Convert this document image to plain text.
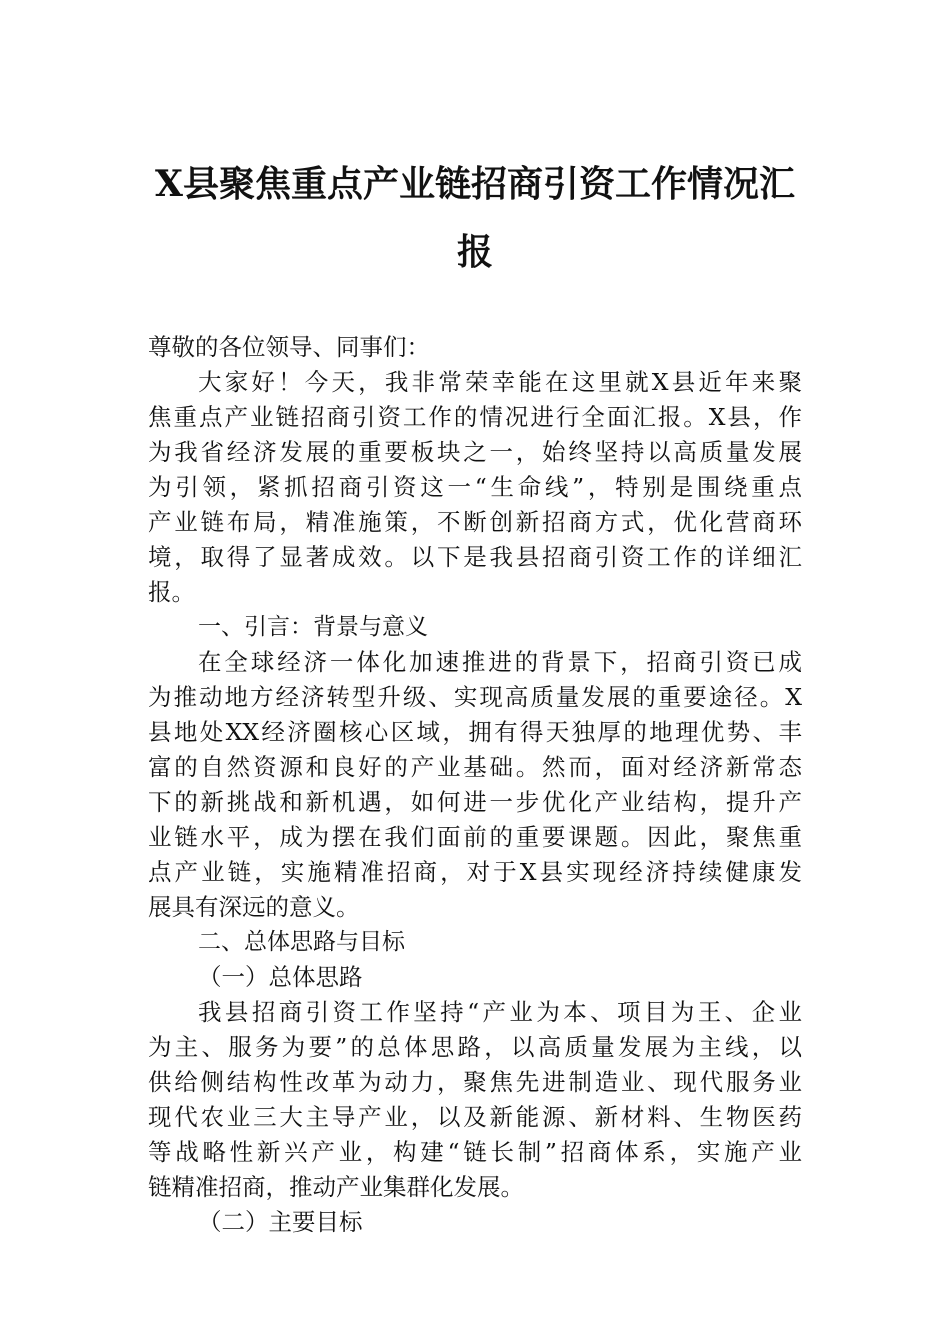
X县聚焦重点产业链招商引资工作情况汇
报
尊敬的各位领导、同事们：
大家好！今天，我非常荣幸能在这里就X县近年来聚
焦重点产业链招商引资工作的情况进行全面汇报。X县，作
为我省经济发展的重要板块之一，始终坚持以高质量发展
为引领，紧抓招商引资这一“生命线”，特别是围绕重点
产业链布局，精准施策，不断创新招商方式，优化营商环
境，取得了显著成效。以下是我县招商引资工作的详细汇
报。
一、引言：背景与意义
在全球经济一体化加速推进的背景下，招商引资已成
为推动地方经济转型升级、实现高质量发展的重要途径。X
县地处XX经济圈核心区域，拥有得天独厚的地理优势、丰
富的自然资源和良好的产业基础。然而，面对经济新常态
下的新挑战和新机遇，如何进一步优化产业结构，提升产
业链水平，成为摆在我们面前的重要课题。因此，聚焦重
点产业链，实施精准招商，对于X县实现经济持续健康发
展具有深远的意义。
二、总体思路与目标
（一）总体思路
我县招商引资工作坚持“产业为本、项目为王、企业
为主、服务为要”的总体思路，以高质量发展为主线，以
供给侧结构性改革为动力，聚焦先进制造业、现代服务业
现代农业三大主导产业，以及新能源、新材料、生物医药
等战略性新兴产业，构建“链长制”招商体系，实施产业
链精准招商，推动产业集群化发展。
（二）主要目标
